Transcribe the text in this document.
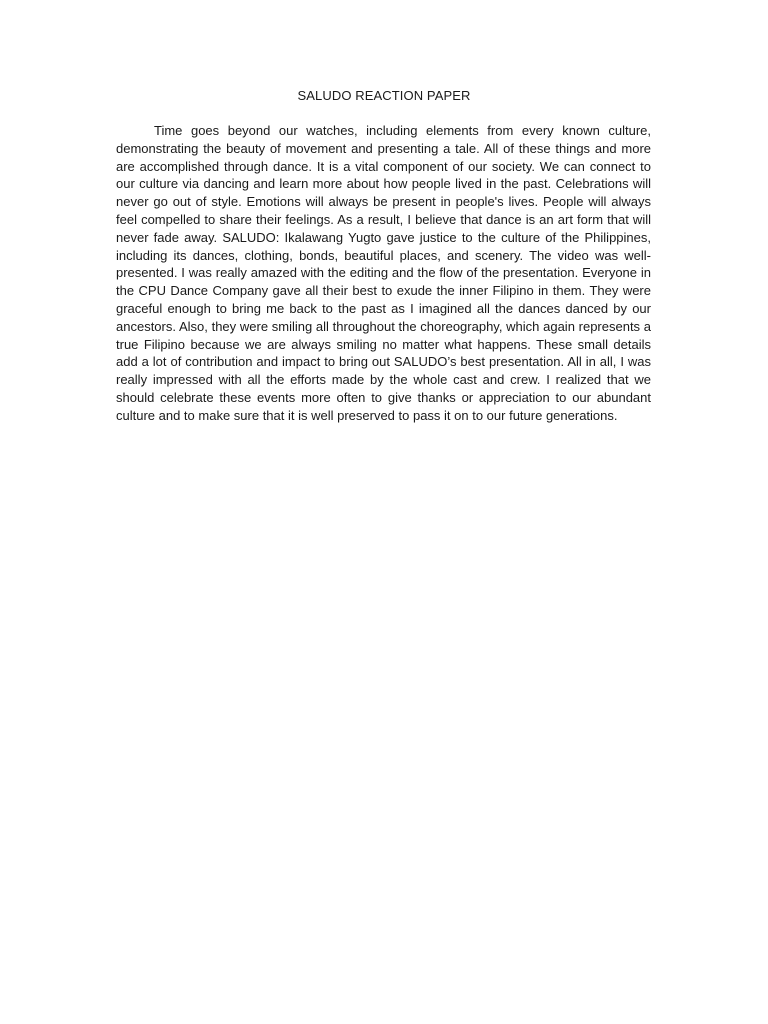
SALUDO REACTION PAPER

Time goes beyond our watches, including elements from every known culture, demonstrating the beauty of movement and presenting a tale. All of these things and more are accomplished through dance. It is a vital component of our society. We can connect to our culture via dancing and learn more about how people lived in the past. Celebrations will never go out of style. Emotions will always be present in people's lives. People will always feel compelled to share their feelings. As a result, I believe that dance is an art form that will never fade away. SALUDO: Ikalawang Yugto gave justice to the culture of the Philippines, including its dances, clothing, bonds, beautiful places, and scenery. The video was well-presented. I was really amazed with the editing and the flow of the presentation. Everyone in the CPU Dance Company gave all their best to exude the inner Filipino in them. They were graceful enough to bring me back to the past as I imagined all the dances danced by our ancestors. Also, they were smiling all throughout the choreography, which again represents a true Filipino because we are always smiling no matter what happens. These small details add a lot of contribution and impact to bring out SALUDO’s best presentation. All in all, I was really impressed with all the efforts made by the whole cast and crew. I realized that we should celebrate these events more often to give thanks or appreciation to our abundant culture and to make sure that it is well preserved to pass it on to our future generations.
